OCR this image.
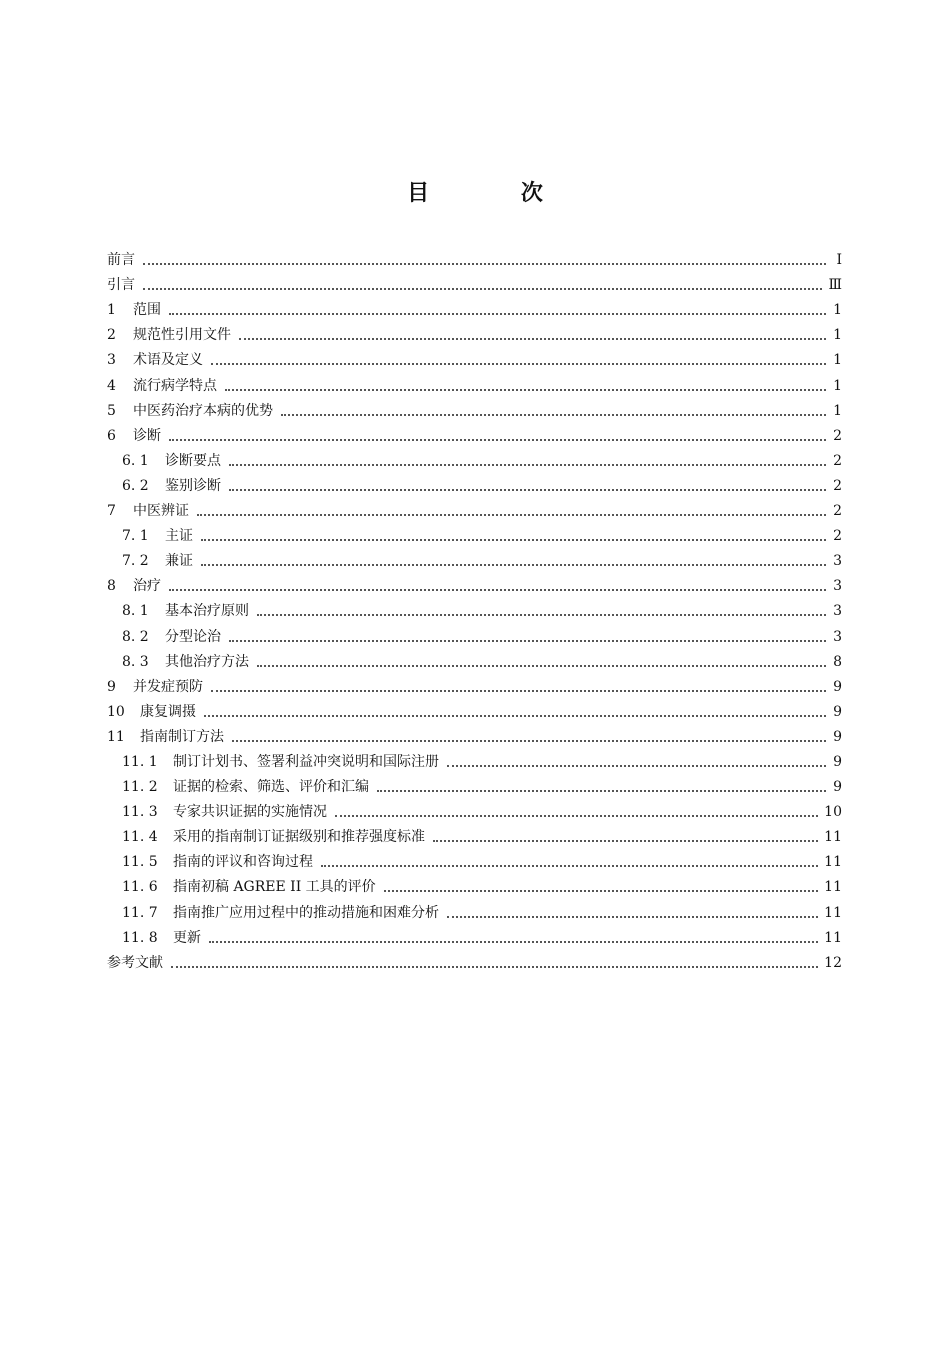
目 次
前言	Ⅰ
引言	Ⅲ
1	范围	1
2	规范性引用文件	1
3	术语及定义	1
4	流行病学特点	1
5	中医药治疗本病的优势	1
6	诊断	2
6. 1	诊断要点	2
6. 2	鉴别诊断	2
7	中医辨证	2
7. 1	主证	2
7. 2	兼证	3
8	治疗	3
8. 1	基本治疗原则	3
8. 2	分型论治	3
8. 3	其他治疗方法	8
9	并发症预防	9
10	康复调摄	9
11	指南制订方法	9
11. 1	制订计划书、签署利益冲突说明和国际注册	9
11. 2	证据的检索、筛选、评价和汇编	9
11. 3	专家共识证据的实施情况	10
11. 4	采用的指南制订证据级别和推荐强度标准	11
11. 5	指南的评议和咨询过程	11
11. 6	指南初稿 AGREE II 工具的评价	11
11. 7	指南推广应用过程中的推动措施和困难分析	11
11. 8	更新	11
参考文献	12
